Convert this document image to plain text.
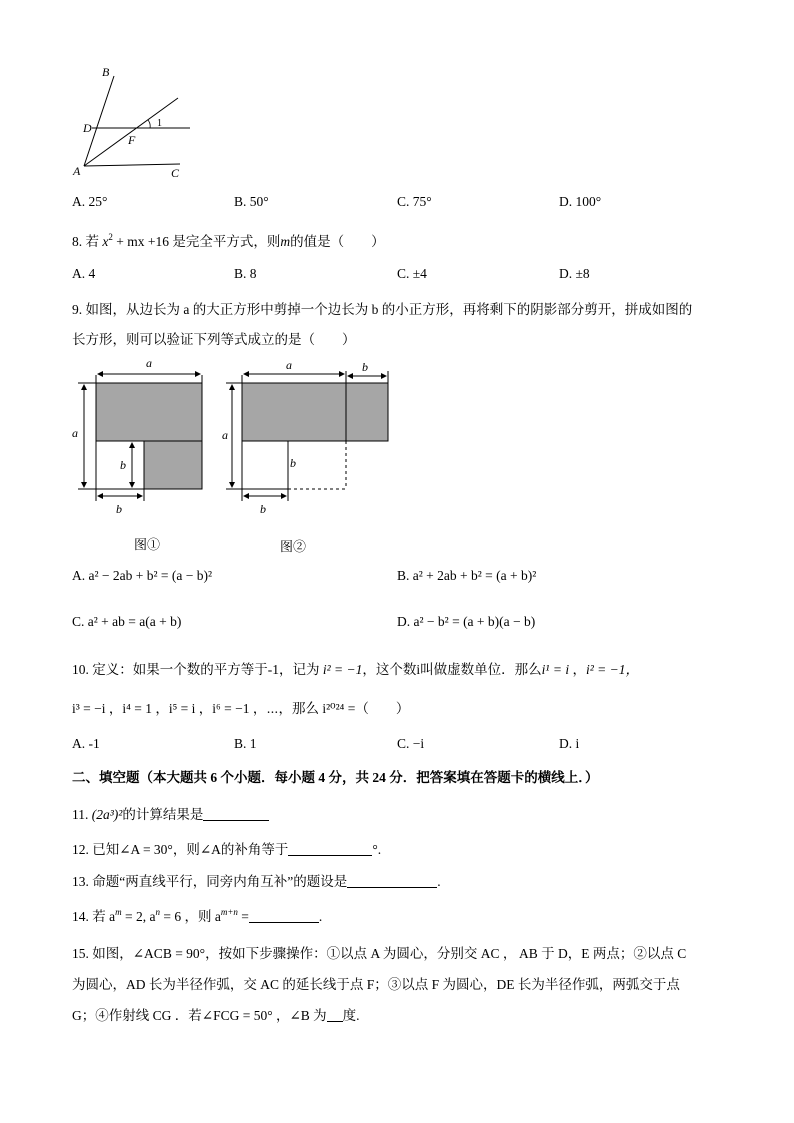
B
D
F
A	C
1
A. 25°	B. 50°	C. 75°	D. 100°
8. 若 $x^2$ + mx +16 是完全平方式，则m的值是（　　）
A. 4	B. 8	C. ±4	D. ±8
9. 如图，从边长为 a 的大正方形中剪掉一个边长为 b 的小正方形，再将剩下的阴影部分剪开，拼成如图的
长方形，则可以验证下列等式成立的是（　　）
a
a
b
b
图①
a	b
a
b
b
图②
A. a² − 2ab + b² = (a − b)²	B. a² + 2ab + b² = (a + b)²
C. a² + ab = a(a + b)	D. a² − b² = (a + b)(a − b)
10. 定义：如果一个数的平方等于-1，记为 i² = −1，这个数i叫做虚数单位．那么i¹ = i ，i² = −1，
i³ = −i ，i⁴ = 1 ，i⁵ = i ，i⁶ = −1 ，⋯，那么 i²⁰²⁴ =（　　）
A. -1	B. 1	C. −i	D. i
二、填空题（本大题共 6 个小题．每小题 4 分，共 24 分．把答案填在答题卡的横线上．）
11. (2a³)²的计算结果是
12. 已知∠A = 30°，则∠A的补角等于	°.
13. 命题“两直线平行，同旁内角互补”的题设是	.
14. 若 $a^m = 2$, $a^n = 6$ ，则 $a^{m+n}$ =	.
15. 如图，∠ACB = 90°，按如下步骤操作：①以点 A 为圆心，分别交 AC ， AB 于 D，E 两点；②以点 C
为圆心，AD 长为半径作弧，交 AC 的延长线于点 F；③以点 F 为圆心，DE 长为半径作弧，两弧交于点
G；④作射线 CG ．若∠FCG = 50° ，∠B 为 度.
